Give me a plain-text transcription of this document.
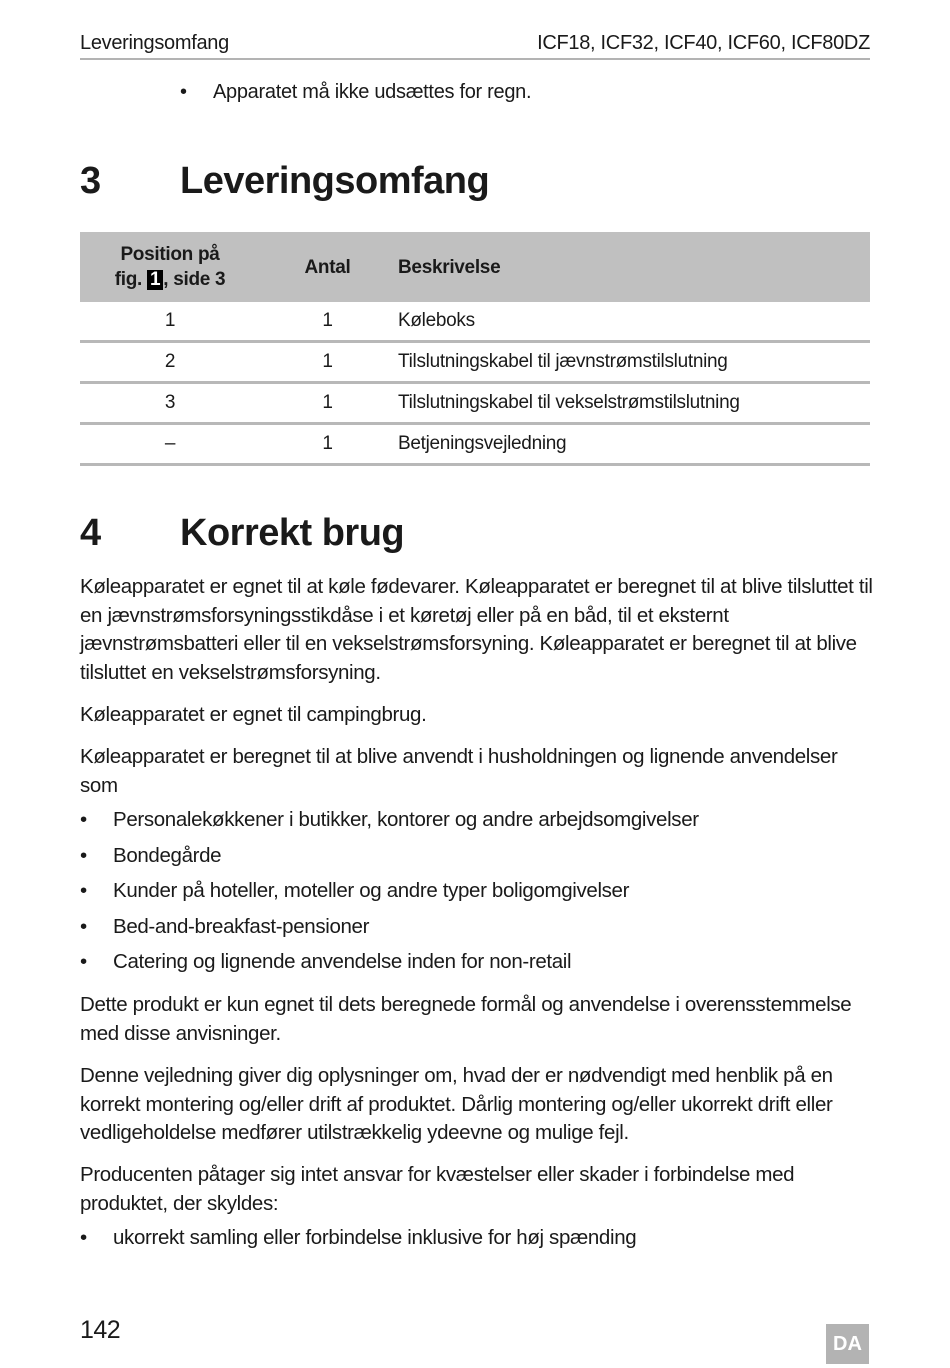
Leveringsomfang	ICF18, ICF32, ICF40, ICF60, ICF80DZ
•	Apparatet må ikke udsættes for regn.
3	Leveringsomfang
Position på
fig. 1 , side 3	Antal	Beskrivelse
1	1	Køleboks
2	1	Tilslutningskabel til jævnstrømstilslutning
3	1	Tilslutningskabel til vekselstrømstilslutning
–	1	Betjeningsvejledning
4	Korrekt brug

Køleapparatet er egnet til at køle fødevarer. Køleapparatet er beregnet til at blive tilsluttet til en jævnstrømsforsyningsstikdåse i et køretøj eller på en båd, til et eksternt jævnstrømsbatteri eller til en vekselstrømsforsyning. Køleapparatet er beregnet til at blive tilsluttet en vekselstrømsforsyning.

Køleapparatet er egnet til campingbrug.

Køleapparatet er beregnet til at blive anvendt i husholdningen og lignende anvendelser som

•	Personalekøkkener i butikker, kontorer og andre arbejdsomgivelser
•	Bondegårde
•	Kunder på hoteller, moteller og andre typer boligomgivelser
•	Bed-and-breakfast-pensioner
•	Catering og lignende anvendelse inden for non-retail

Dette produkt er kun egnet til dets beregnede formål og anvendelse i overensstemmelse med disse anvisninger.

Denne vejledning giver dig oplysninger om, hvad der er nødvendigt med henblik på en korrekt montering og/eller drift af produktet. Dårlig montering og/eller ukorrekt drift eller vedligeholdelse medfører utilstrækkelig ydeevne og mulige fejl.

Producenten påtager sig intet ansvar for kvæstelser eller skader i forbindelse med produktet, der skyldes:

•	ukorrekt samling eller forbindelse inklusive for høj spænding
142	DA
